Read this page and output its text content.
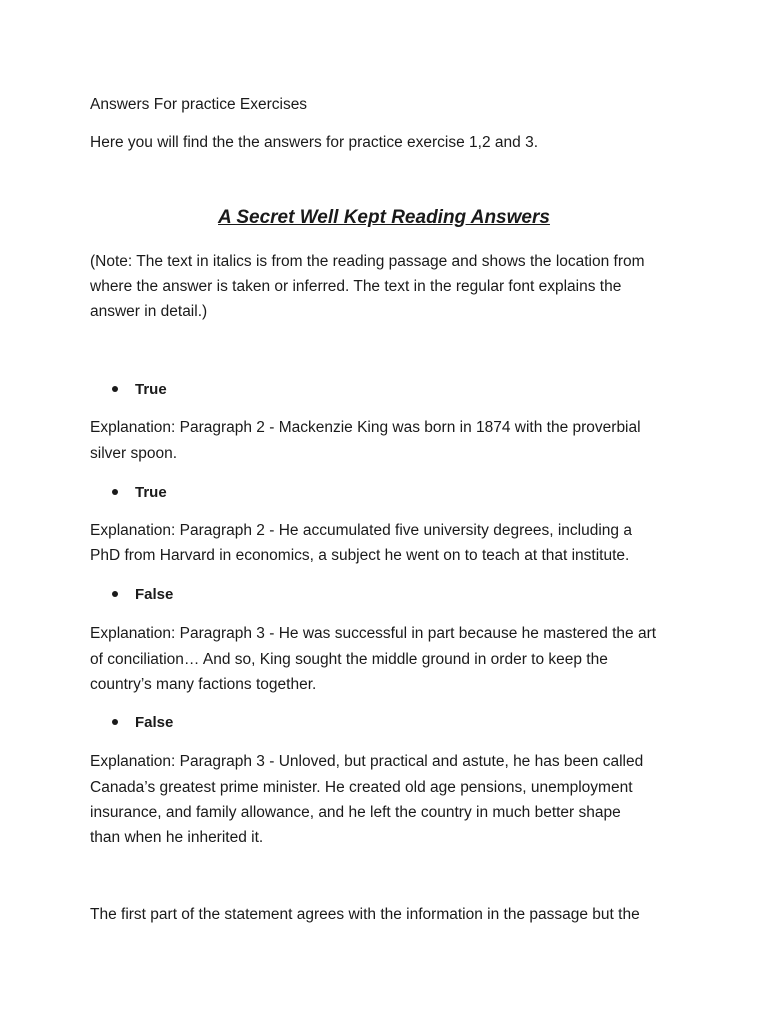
Answers For practice Exercises

Here you will find the the answers for practice exercise 1,2 and 3.

A Secret Well Kept Reading Answers

(Note: The text in italics is from the reading passage and shows the location from

where the answer is taken or inferred. The text in the regular font explains the

answer in detail.)

True

Explanation: Paragraph 2 - Mackenzie King was born in 1874 with the proverbial

silver spoon.

True

Explanation: Paragraph 2 - He accumulated five university degrees, including a

PhD from Harvard in economics, a subject he went on to teach at that institute.

False

Explanation: Paragraph 3 - He was successful in part because he mastered the art

of conciliation… And so, King sought the middle ground in order to keep the

country’s many factions together.

False

Explanation: Paragraph 3 - Unloved, but practical and astute, he has been called

Canada’s greatest prime minister. He created old age pensions, unemployment

insurance, and family allowance, and he left the country in much better shape

than when he inherited it.

The first part of the statement agrees with the information in the passage but the
